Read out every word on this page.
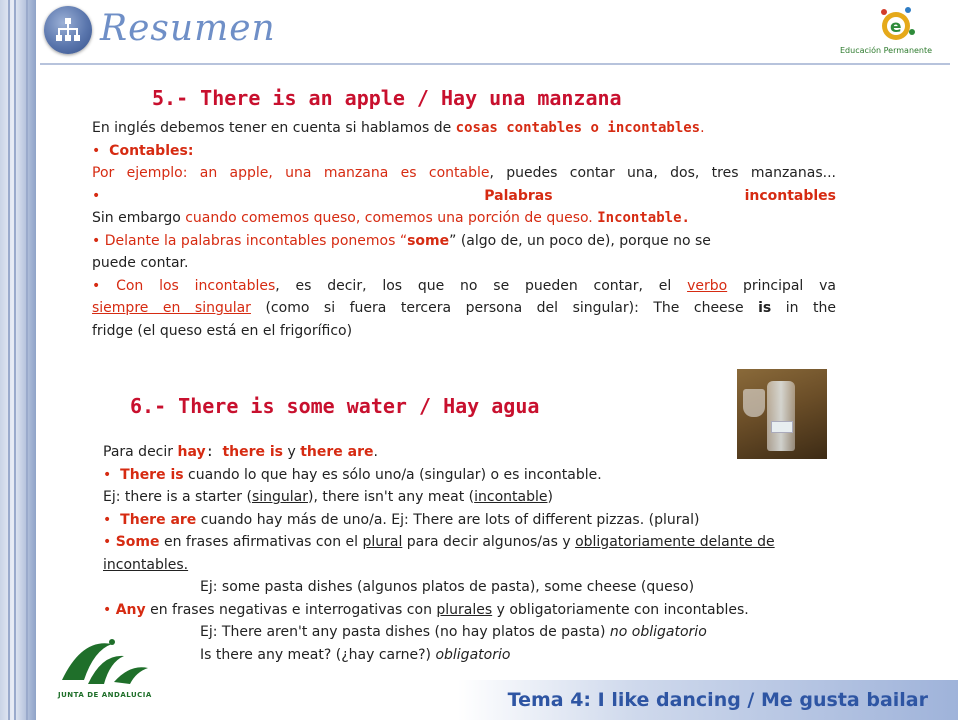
Resumen	e
Educación Permanente
5.- There is an apple / Hay una manzana
En inglés debemos tener en cuenta si hablamos de cosas contables o incontables.
•  Contables:
Por ejemplo: an apple, una manzana es contable, puedes contar una, dos, tres manzanas...
•  Palabras	incontables
Sin embargo cuando comemos queso, comemos una porción de queso. Incontable.
• Delante la palabras incontables ponemos “some” (algo de, un poco de), porque no se
puede contar.
• Con los incontables, es decir, los que no se pueden contar, el verbo principal va
siempre en singular (como si fuera tercera persona del singular): The cheese is in the
fridge (el queso está en el frigorífico)
6.- There is some water / Hay agua
Para decir hay: there is y there are.
•  There is cuando lo que hay es sólo uno/a (singular) o es incontable.
Ej: there is a starter (singular), there isn't any meat (incontable)
•  There are cuando hay más de uno/a. Ej: There are lots of different pizzas. (plural)
• Some en frases afirmativas con el plural para decir algunos/as y obligatoriamente delante de
incontables.
Ej: some pasta dishes (algunos platos de pasta), some cheese (queso)
• Any en frases negativas e interrogativas con plurales y obligatoriamente con incontables.
Ej: There aren't any pasta dishes (no hay platos de pasta) no obligatorio
Is there any meat? (¿hay carne?) obligatorio
JUNTA DE ANDALUCIA	Tema 4: I like dancing / Me gusta bailar
